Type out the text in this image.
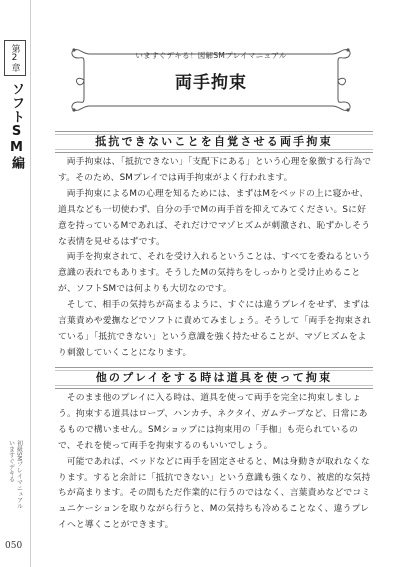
第2章
ソフトSM編
いますぐデキる 初級SMプレイマニュアル
050
いますぐデキる！図解SMプレイマニュアル
両手拘束
抵抗できないことを自覚させる両手拘束

両手拘束は、「抵抗できない」「支配下にある」という心理を象徴する行為です。そのため、SMプレイでは両手拘束がよく行われます。

両手拘束によるMの心理を知るためには、まずはMをベッドの上に寝かせ、道具なども一切使わず、自分の手でMの両手首を抑えてみてください。Sに好意を持っているMであれば、それだけでマゾヒズムが刺激され、恥ずかしそうな表情を見せるはずです。

両手を拘束されて、それを受け入れるということは、すべてを委ねるという意識の表れでもあります。そうしたMの気持ちをしっかりと受け止めることが、ソフトSMでは何よりも大切なのです。

そして、相手の気持ちが高まるように、すぐには違うプレイをせず、まずは言葉責めや愛撫などでソフトに責めてみましょう。そうして「両手を拘束されている」「抵抗できない」という意識を強く持たせることが、マゾヒズムをより刺激していくことになります。

他のプレイをする時は道具を使って拘束

そのまま他のプレイに入る時は、道具を使って両手を完全に拘束しましょう。拘束する道具はロープ、ハンカチ、ネクタイ、ガムテープなど、日常にあるもので構いません。SMショップには拘束用の「手枷」も売られているので、それを使って両手を拘束するのもいいでしょう。

可能であれば、ベッドなどに両手を固定させると、Mは身動きが取れなくなります。すると余計に「抵抗できない」という意識も強くなり、被虐的な気持ちが高まります。その間もただ作業的に行うのではなく、言葉責めなどでコミュニケーションを取りながら行うと、Mの気持ちも冷めることなく、違うプレイへと導くことができます。
